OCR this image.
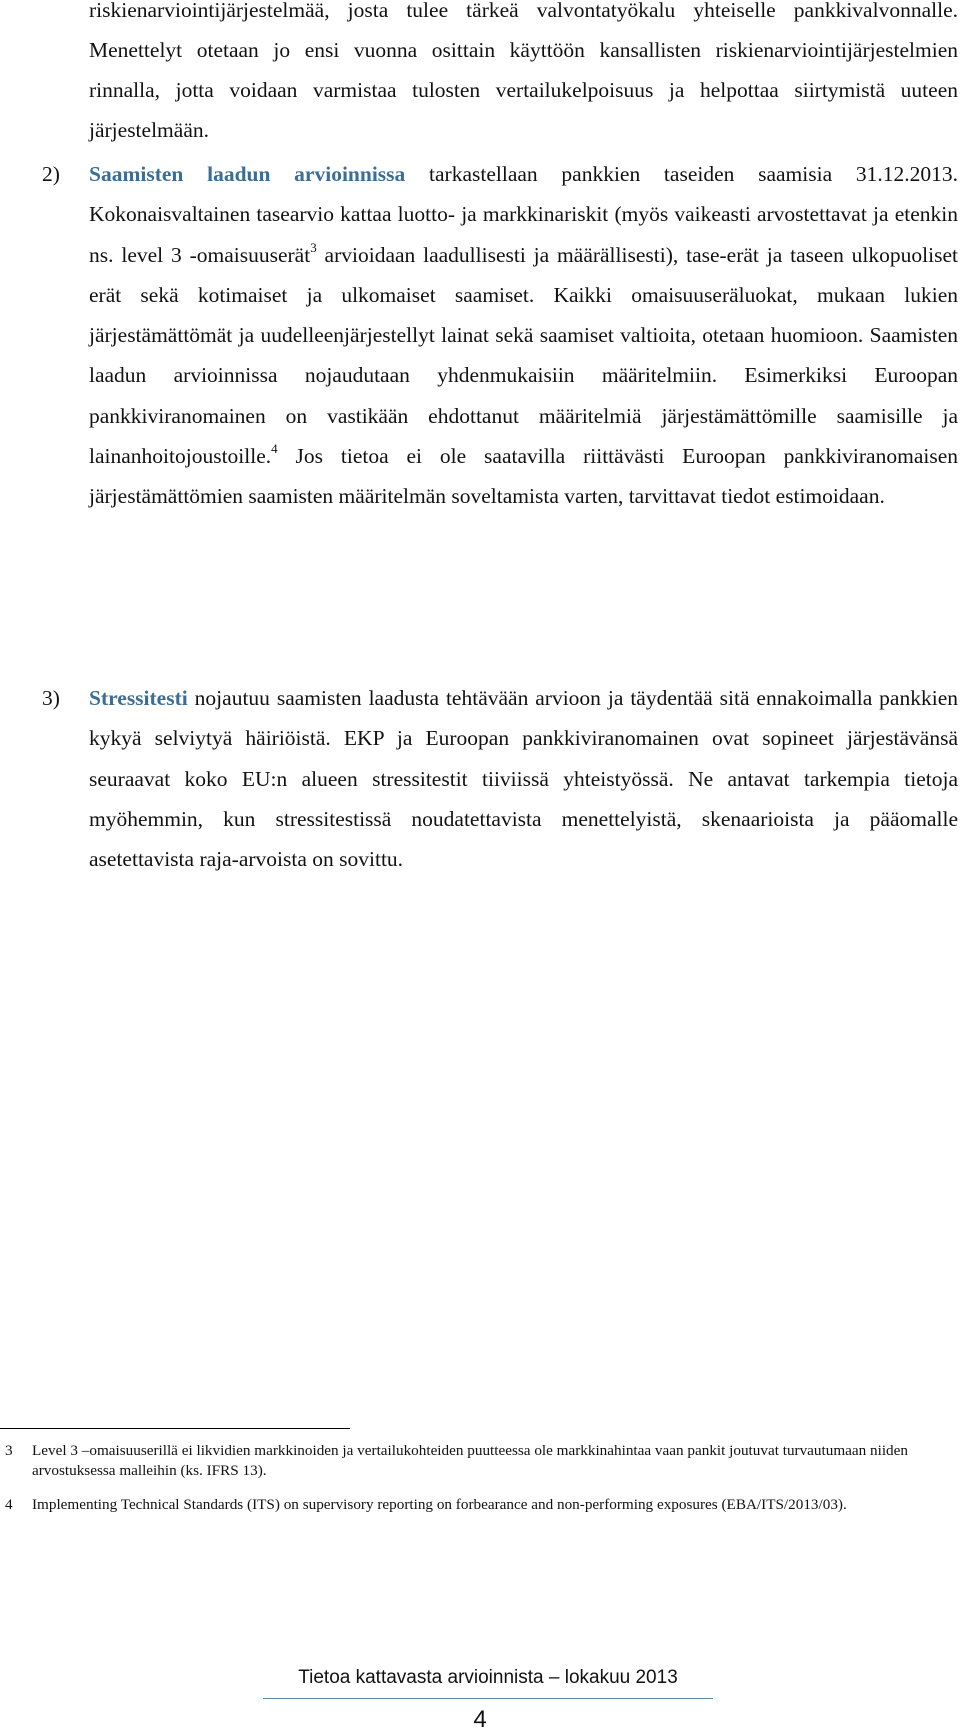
riskienarviointijärjestelmää, josta tulee tärkeä valvontatyökalu yhteiselle pankkivalvonnalle. Menettelyt otetaan jo ensi vuonna osittain käyttöön kansallisten riskienarviointijärjestelmien rinnalla, jotta voidaan varmistaa tulosten vertailukelpoisuus ja helpottaa siirtymistä uuteen järjestelmään.

2)	Saamisten laadun arvioinnissa tarkastellaan pankkien taseiden saamisia 31.12.2013. Kokonaisvaltainen tasearvio kattaa luotto- ja markkinariskit (myös vaikeasti arvostettavat ja etenkin ns. level 3 -omaisuuserät$^3$ arvioidaan laadullisesti ja määrällisesti), tase-erät ja taseen ulkopuoliset erät sekä kotimaiset ja ulkomaiset saamiset. Kaikki omaisuuseräluokat, mukaan lukien järjestämättömät ja uudelleenjärjestellyt lainat sekä saamiset valtioita, otetaan huomioon. Saamisten laadun arvioinnissa nojaudutaan yhdenmukaisiin määritelmiin. Esimerkiksi Euroopan pankkiviranomainen on vastikään ehdottanut määritelmiä järjestämättömille saamisille ja lainanhoitojoustoille.$^4$ Jos tietoa ei ole saatavilla riittävästi Euroopan pankkiviranomaisen järjestämättömien saamisten määritelmän soveltamista varten, tarvittavat tiedot estimoidaan.
3)	Stressitesti nojautuu saamisten laadusta tehtävään arvioon ja täydentää sitä ennakoimalla pankkien kykyä selviytyä häiriöistä. EKP ja Euroopan pankkiviranomainen ovat sopineet järjestävänsä seuraavat koko EU:n alueen stressitestit tiiviissä yhteistyössä. Ne antavat tarkempia tietoja myöhemmin, kun stressitestissä noudatettavista menettelyistä, skenaarioista ja pääomalle asetettavista raja-arvoista on sovittu.
3 Level 3 –omaisuuserillä ei likvidien markkinoiden ja vertailukohteiden puutteessa ole markkinahintaa vaan pankit joutuvat turvautumaan niiden arvostuksessa malleihin (ks. IFRS 13).
4 Implementing Technical Standards (ITS) on supervisory reporting on forbearance and non-performing exposures (EBA/ITS/2013/03).
Tietoa kattavasta arvioinnista – lokakuu 2013
4
